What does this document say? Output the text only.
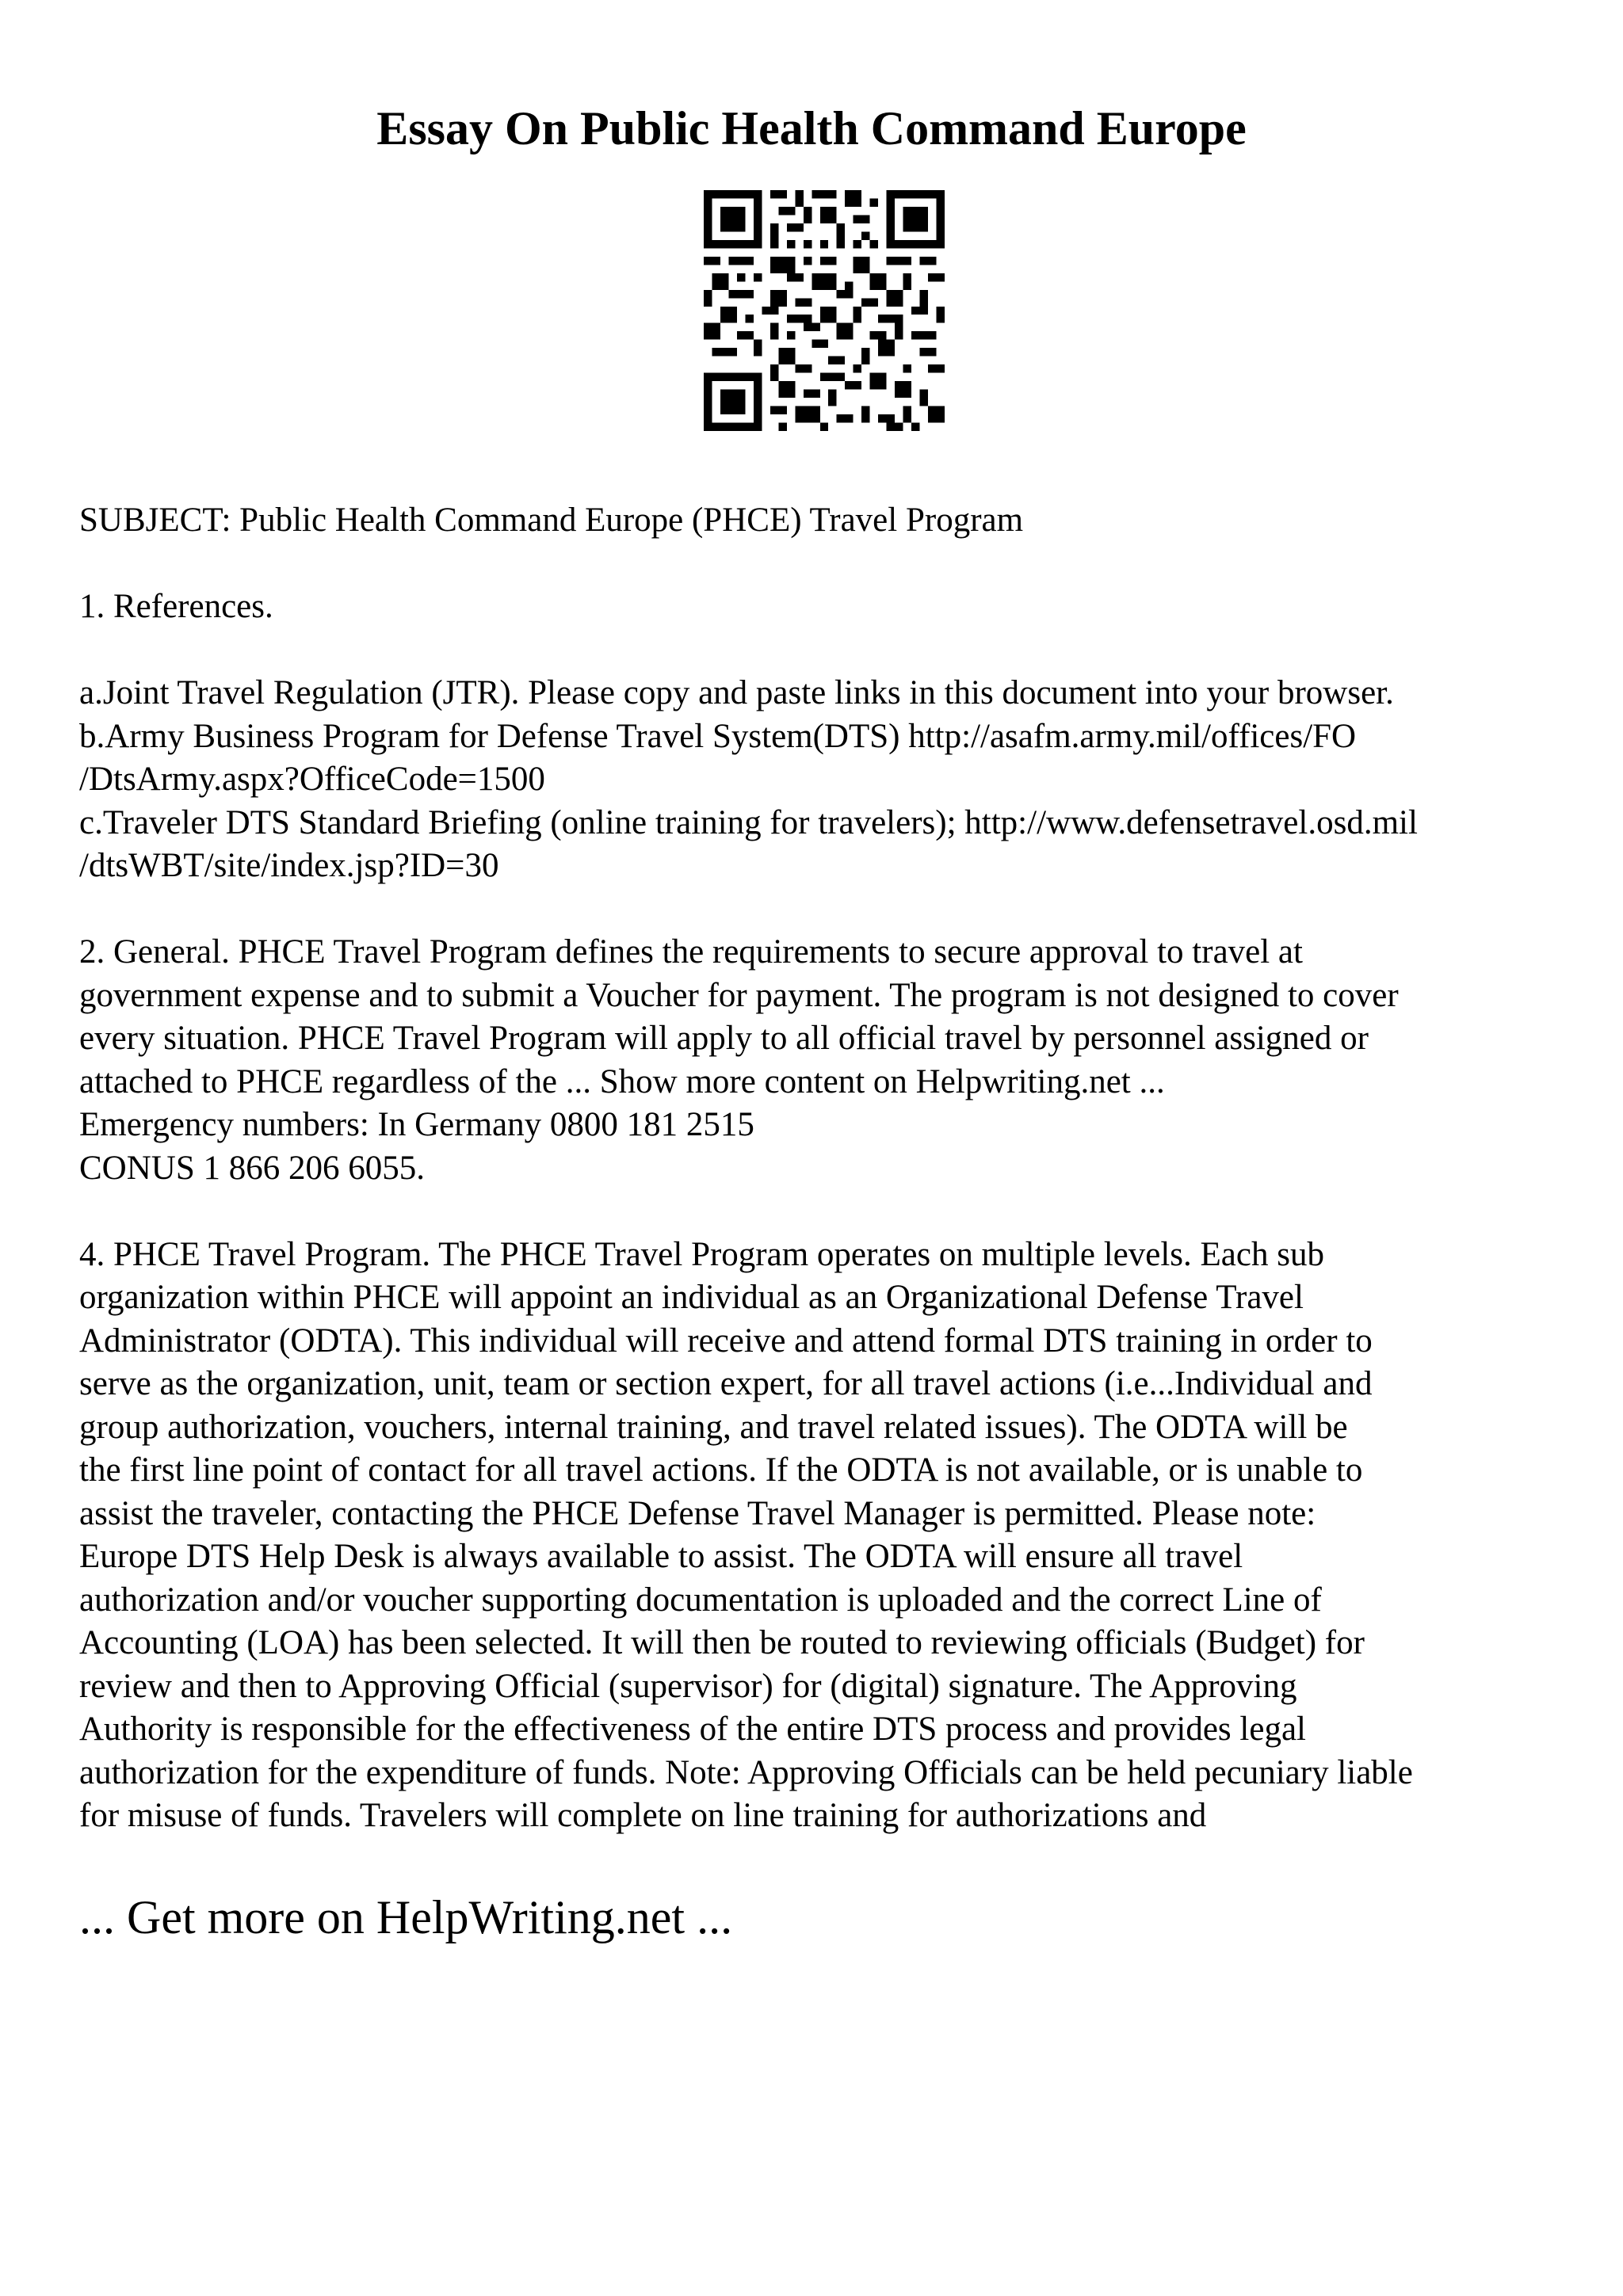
Essay On Public Health Command Europe

SUBJECT: Public Health Command Europe (PHCE) Travel Program

1. References.

a.Joint Travel Regulation (JTR). Please copy and paste links in this document into your browser.

b.Army Business Program for Defense Travel System(DTS) http://asafm.army.mil/offices/FO

/DtsArmy.aspx?OfficeCode=1500

c.Traveler DTS Standard Briefing (online training for travelers); http://www.defensetravel.osd.mil

/dtsWBT/site/index.jsp?ID=30

2. General. PHCE Travel Program defines the requirements to secure approval to travel at

government expense and to submit a Voucher for payment. The program is not designed to cover

every situation. PHCE Travel Program will apply to all official travel by personnel assigned or

attached to PHCE regardless of the ... Show more content on Helpwriting.net ...

Emergency numbers: In Germany 0800 181 2515

CONUS 1 866 206 6055.

4. PHCE Travel Program. The PHCE Travel Program operates on multiple levels. Each sub

organization within PHCE will appoint an individual as an Organizational Defense Travel

Administrator (ODTA). This individual will receive and attend formal DTS training in order to

serve as the organization, unit, team or section expert, for all travel actions (i.e...Individual and

group authorization, vouchers, internal training, and travel related issues). The ODTA will be

the first line point of contact for all travel actions. If the ODTA is not available, or is unable to

assist the traveler, contacting the PHCE Defense Travel Manager is permitted. Please note:

Europe DTS Help Desk is always available to assist. The ODTA will ensure all travel

authorization and/or voucher supporting documentation is uploaded and the correct Line of

Accounting (LOA) has been selected. It will then be routed to reviewing officials (Budget) for

review and then to Approving Official (supervisor) for (digital) signature. The Approving

Authority is responsible for the effectiveness of the entire DTS process and provides legal

authorization for the expenditure of funds. Note: Approving Officials can be held pecuniary liable

for misuse of funds. Travelers will complete on line training for authorizations and

... Get more on HelpWriting.net ...
